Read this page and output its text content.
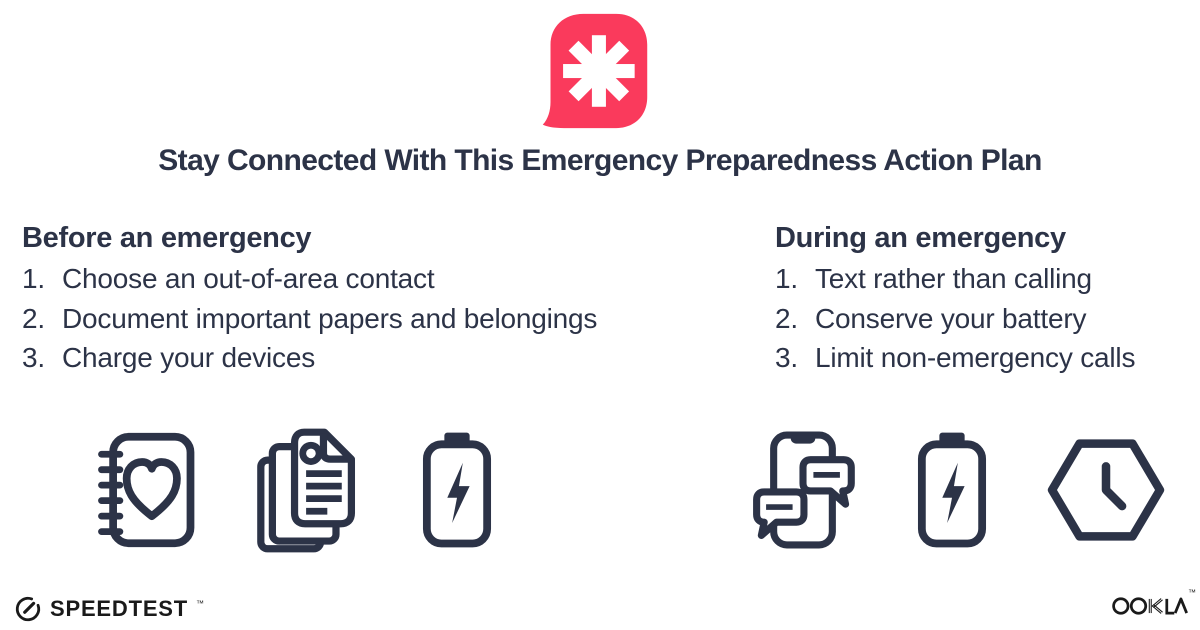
Stay Connected With This Emergency Preparedness Action Plan
Before an emergency
1. Choose an out-of-area contact
2. Document important papers and belongings
3. Charge your devices
During an emergency
1. Text rather than calling
2. Conserve your battery
3. Limit non-emergency calls
SPEEDTEST ™
™
